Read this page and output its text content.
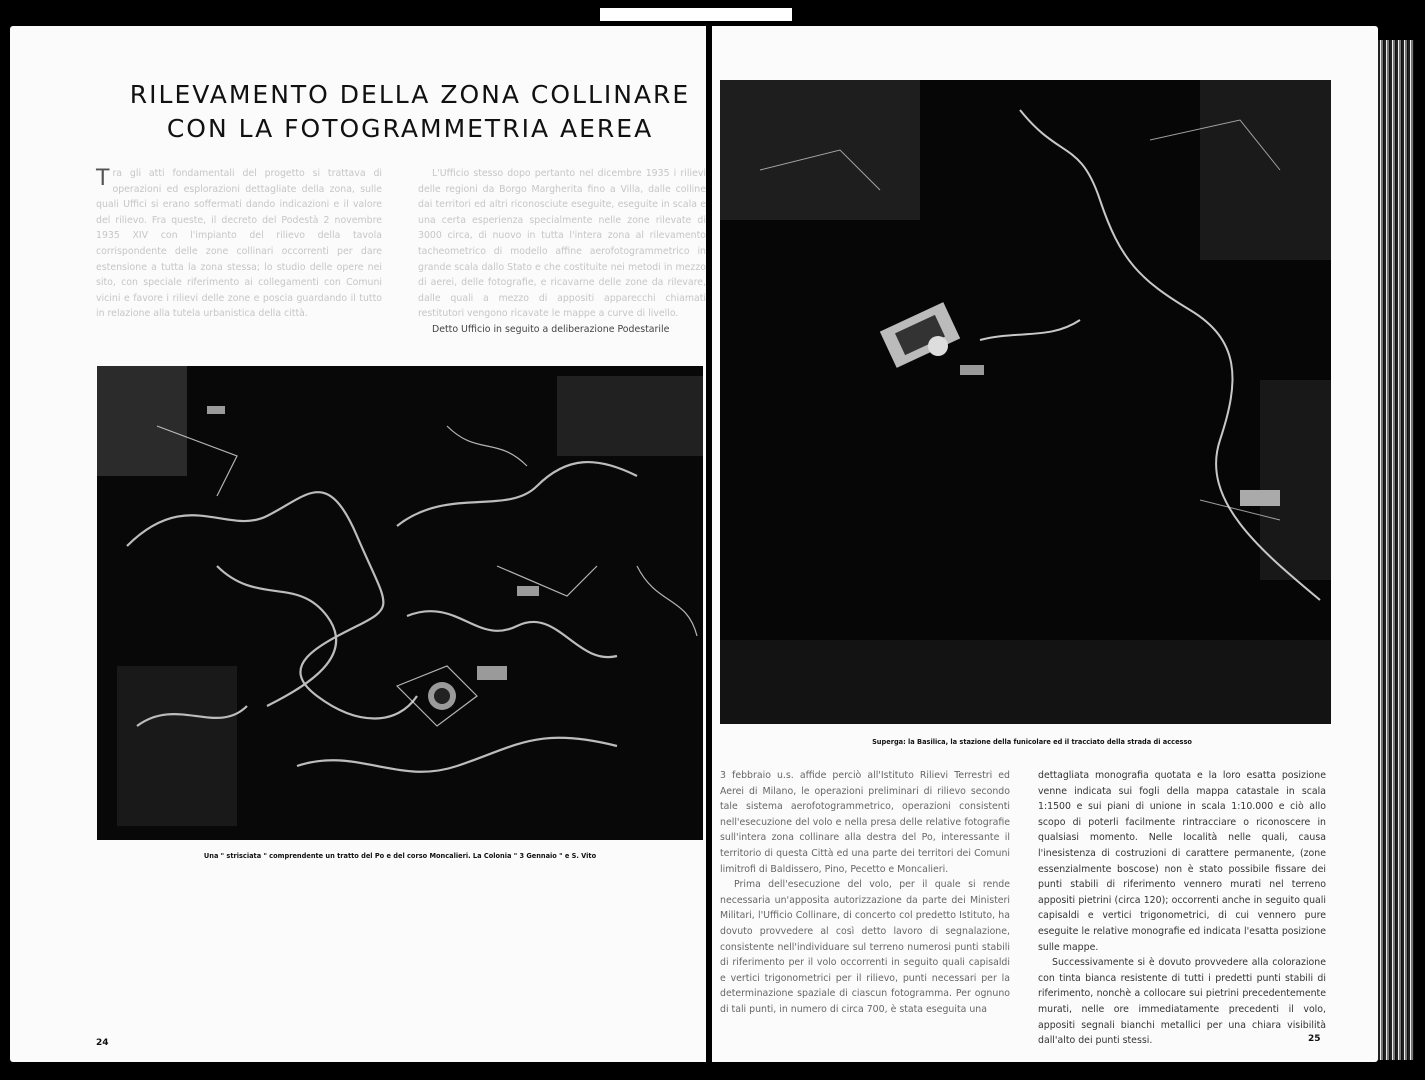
RILEVAMENTO DELLA ZONA COLLINARE
CON LA FOTOGRAMMETRIA AEREA
T ra gli atti fondamentali del progetto si trattava di operazioni ed esplorazioni dettagliate della zona, sulle quali Uffici si erano soffermati dando indicazioni e il valore del rilievo. Fra queste, il decreto del Podestà 2 novembre 1935 XIV con l'impianto del rilievo della tavola corrispondente delle zone collinari occorrenti per dare estensione a tutta la zona stessa; lo studio delle opere nei sito, con speciale riferimento ai collegamenti con Comuni vicini e favore i rilievi delle zone e poscia guardando il tutto in relazione alla tutela urbanistica della città.

L'Ufficio stesso dopo pertanto nel dicembre 1935 i rilievi delle regioni da Borgo Margherita fino a Villa, dalle colline dai territori ed altri riconosciute eseguite, eseguite in scala e una certa esperienza specialmente nelle zone rilevate di 3000 circa, di nuovo in tutta l'intera zona al rilevamento tacheometrico di modello affine aerofotogrammetrico in grande scala dallo Stato e che costituite nei metodi in mezzo di aerei, delle fotografie, e ricavarne delle zone da rilevare, dalle quali a mezzo di appositi apparecchi chiamati restitutori vengono ricavate le mappe a curve di livello.

Detto Ufficio in seguito a deliberazione Podestarile

Una " strisciata " comprendente un tratto del Po e del corso Moncalieri. La Colonia " 3 Gennaio " e S. Vito
24
Superga: la Basilica, la stazione della funicolare ed il tracciato della strada di accesso

3 febbraio u.s. affide perciò all'Istituto Rilievi Terrestri ed Aerei di Milano, le operazioni preliminari di rilievo secondo tale sistema aerofotogrammetrico, operazioni consistenti nell'esecuzione del volo e nella presa delle relative fotografie sull'intera zona collinare alla destra del Po, interessante il territorio di questa Città ed una parte dei territori dei Comuni limitrofi di Baldissero, Pino, Pecetto e Moncalieri.

Prima dell'esecuzione del volo, per il quale si rende necessaria un'apposita autorizzazione da parte dei Ministeri Militari, l'Ufficio Collinare, di concerto col predetto Istituto, ha dovuto provvedere al così detto lavoro di segnalazione, consistente nell'individuare sul terreno numerosi punti stabili di riferimento per il volo occorrenti in seguito quali capisaldi e vertici trigonometrici per il rilievo, punti necessari per la determinazione spaziale di ciascun fotogramma. Per ognuno di tali punti, in numero di circa 700, è stata eseguita una

dettagliata monografia quotata e la loro esatta posizione venne indicata sui fogli della mappa catastale in scala 1:1500 e sui piani di unione in scala 1:10.000 e ciò allo scopo di poterli facilmente rintracciare o riconoscere in qualsiasi momento. Nelle località nelle quali, causa l'inesistenza di costruzioni di carattere permanente, (zone essenzialmente boscose) non è stato possibile fissare dei punti stabili di riferimento vennero murati nel terreno appositi pietrini (circa 120); occorrenti anche in seguito quali capisaldi e vertici trigonometrici, di cui vennero pure eseguite le relative monografie ed indicata l'esatta posizione sulle mappe.

Successivamente si è dovuto provvedere alla colorazione con tinta bianca resistente di tutti i predetti punti stabili di riferimento, nonchè a collocare sui pietrini precedentemente murati, nelle ore immediatamente precedenti il volo, appositi segnali bianchi metallici per una chiara visibilità dall'alto dei punti stessi.	25
